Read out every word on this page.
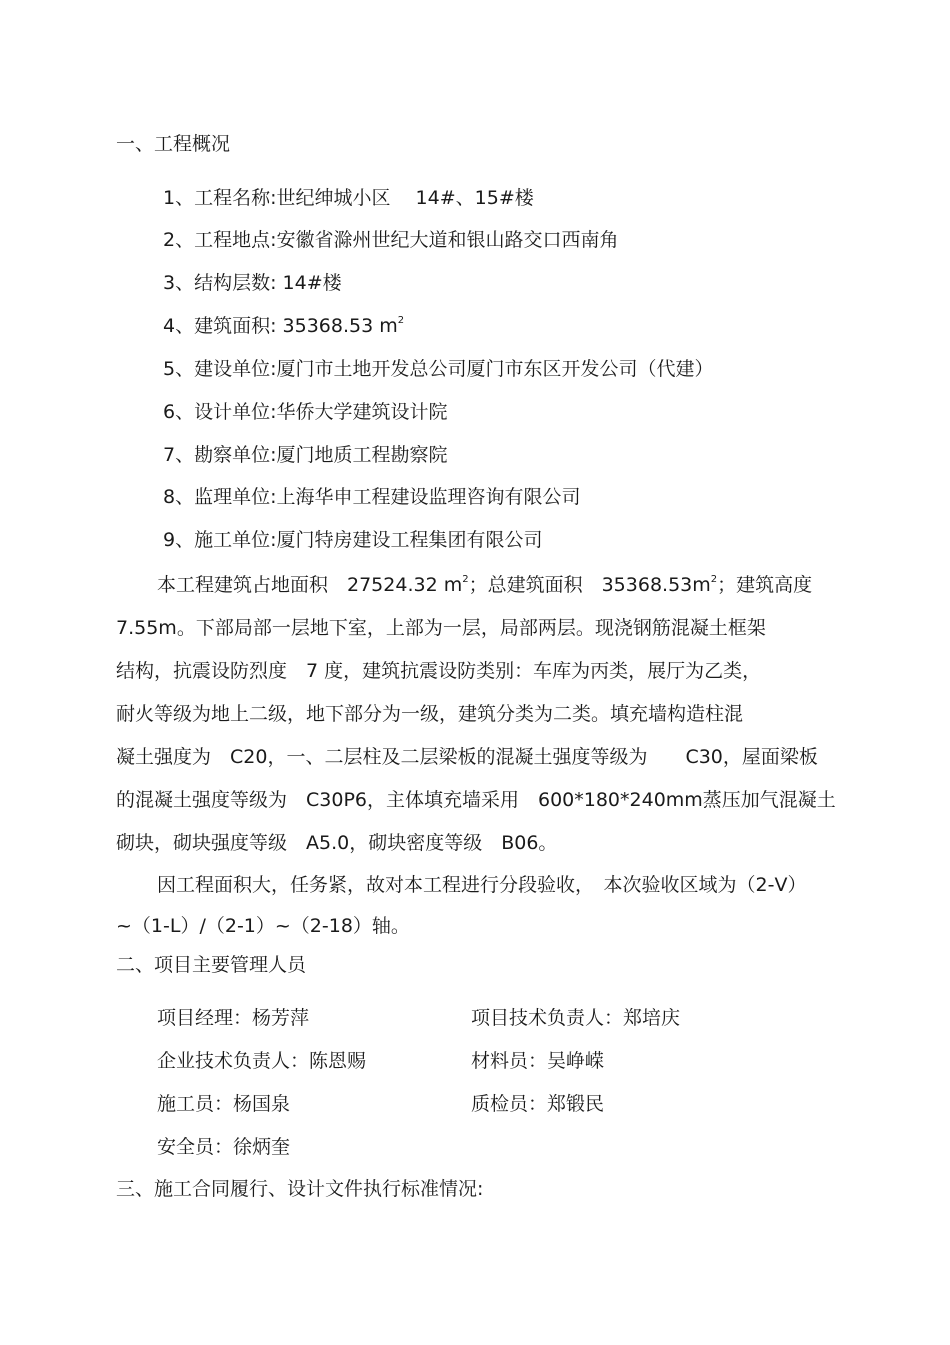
一、工程概况
1、工程名称:世纪绅城小区　 14#、15#楼
2、工程地点:安徽省滁州世纪大道和银山路交口西南角
3、结构层数: 14#楼
4、建筑面积: 35368.53 $m^2$
5、建设单位:厦门市土地开发总公司厦门市东区开发公司（代建）
6、设计单位:华侨大学建筑设计院
7、勘察单位:厦门地质工程勘察院
8、监理单位:上海华申工程建设监理咨询有限公司
9、施工单位:厦门特房建设工程集团有限公司
本工程建筑占地面积　27524.32 $m^2$；总建筑面积　$35368.53m^2$；建筑高度
7.55m。下部局部一层地下室，上部为一层，局部两层。现浇钢筋混凝土框架
结构，抗震设防烈度　7 度，建筑抗震设防类别：车库为丙类，展厅为乙类，
耐火等级为地上二级，地下部分为一级，建筑分类为二类。填充墙构造柱混
凝土强度为　C20，一、二层柱及二层梁板的混凝土强度等级为　　C30，屋面梁板
的混凝土强度等级为　C30P6，主体填充墙采用　600*180*240mm蒸压加气混凝土
砌块，砌块强度等级　A5.0，砌块密度等级　B06。
因工程面积大，任务紧，故对本工程进行分段验收，　本次验收区域为（2-V）
~（1-L）/（2-1）~（2-18）轴。
二、项目主要管理人员
项目经理：杨芳萍	项目技术负责人：郑培庆
企业技术负责人：陈恩赐	材料员：吴峥嵘
施工员：杨国泉	质检员：郑锻民
安全员：徐炳奎
三、施工合同履行、设计文件执行标准情况:
